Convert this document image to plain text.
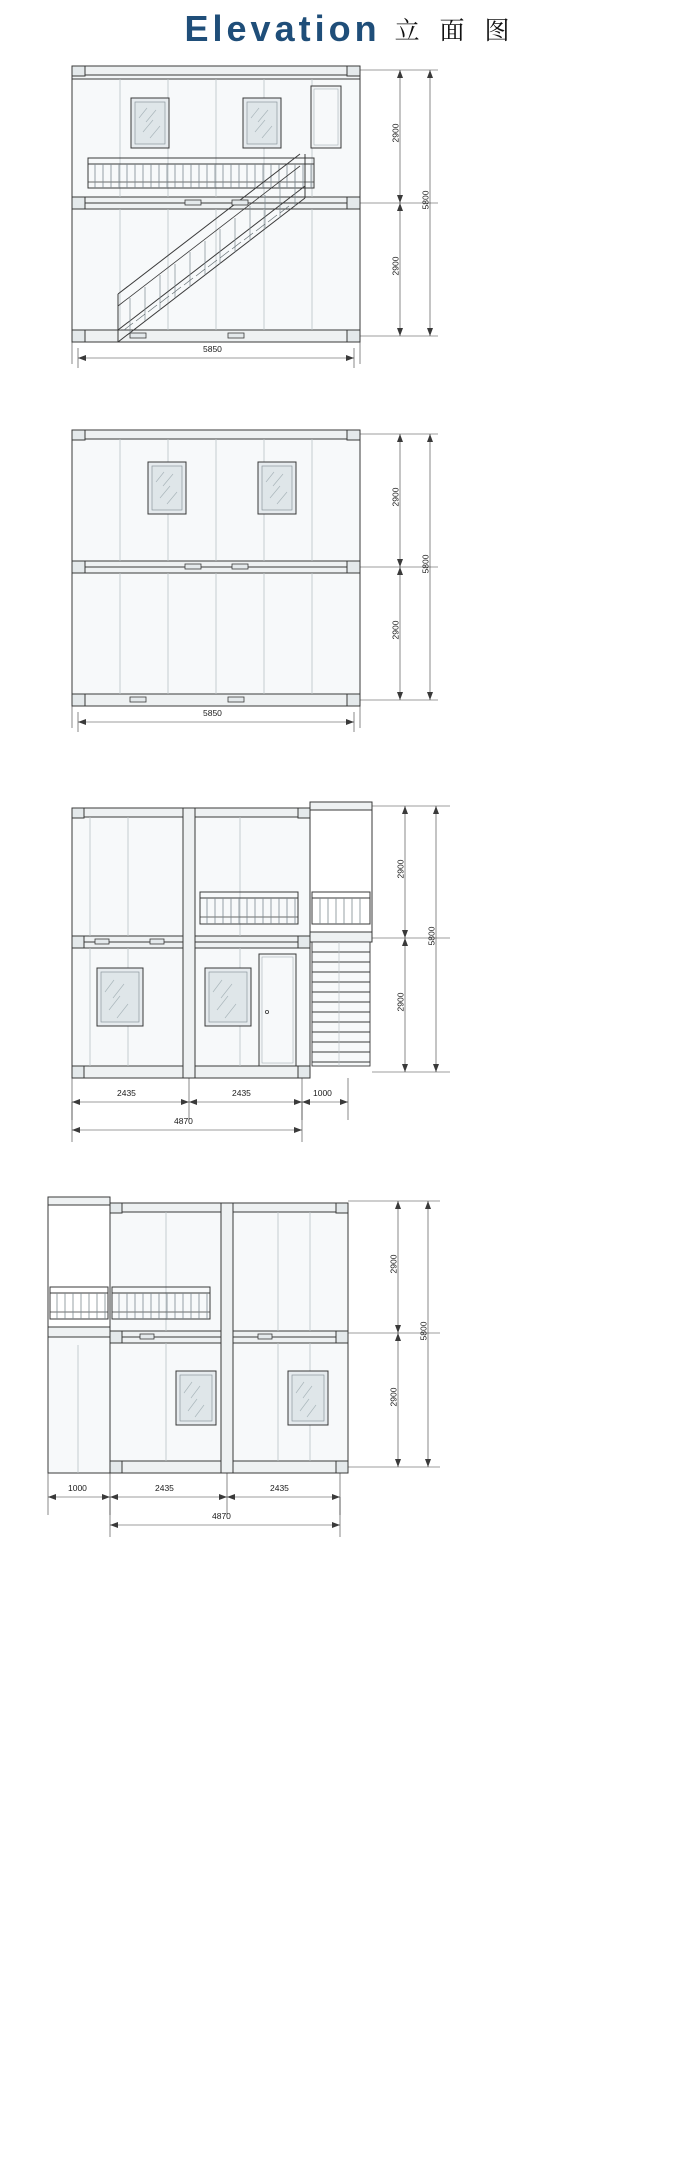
Elevation 立 面 图
2900
2900
5800
5850
2900
2900
5800
5850
2900
2900
5800
2435	2435	1000
4870
2900
2900
5800
1000	2435	2435
4870
